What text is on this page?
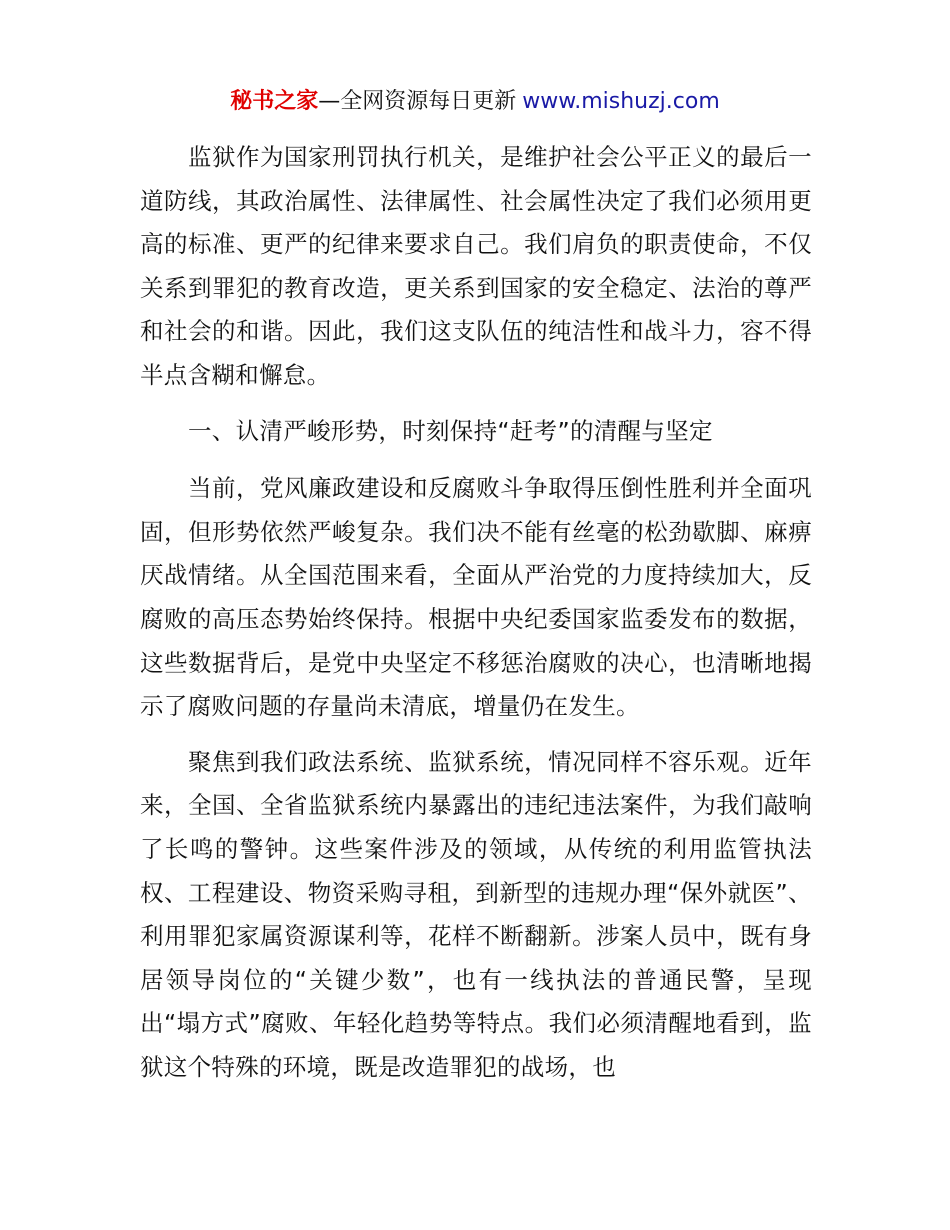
秘书之家—全网资源每日更新 www.mishuzj.com

监狱作为国家刑罚执行机关，是维护社会公平正义的最后一道防线，其政治属性、法律属性、社会属性决定了我们必须用更高的标准、更严的纪律来要求自己。我们肩负的职责使命，不仅关系到罪犯的教育改造，更关系到国家的安全稳定、法治的尊严和社会的和谐。因此，我们这支队伍的纯洁性和战斗力，容不得半点含糊和懈怠。

一、认清严峻形势，时刻保持“赶考”的清醒与坚定

当前，党风廉政建设和反腐败斗争取得压倒性胜利并全面巩固，但形势依然严峻复杂。我们决不能有丝毫的松劲歇脚、麻痹厌战情绪。从全国范围来看，全面从严治党的力度持续加大，反腐败的高压态势始终保持。根据中央纪委国家监委发布的数据，这些数据背后，是党中央坚定不移惩治腐败的决心，也清晰地揭示了腐败问题的存量尚未清底，增量仍在发生。

聚焦到我们政法系统、监狱系统，情况同样不容乐观。近年来，全国、全省监狱系统内暴露出的违纪违法案件，为我们敲响了长鸣的警钟。这些案件涉及的领域，从传统的利用监管执法权、工程建设、物资采购寻租，到新型的违规办理“保外就医”、利用罪犯家属资源谋利等，花样不断翻新。涉案人员中，既有身居领导岗位的“关键少数”，也有一线执法的普通民警，呈现出“塌方式”腐败、年轻化趋势等特点。我们必须清醒地看到，监狱这个特殊的环境，既是改造罪犯的战场，也
